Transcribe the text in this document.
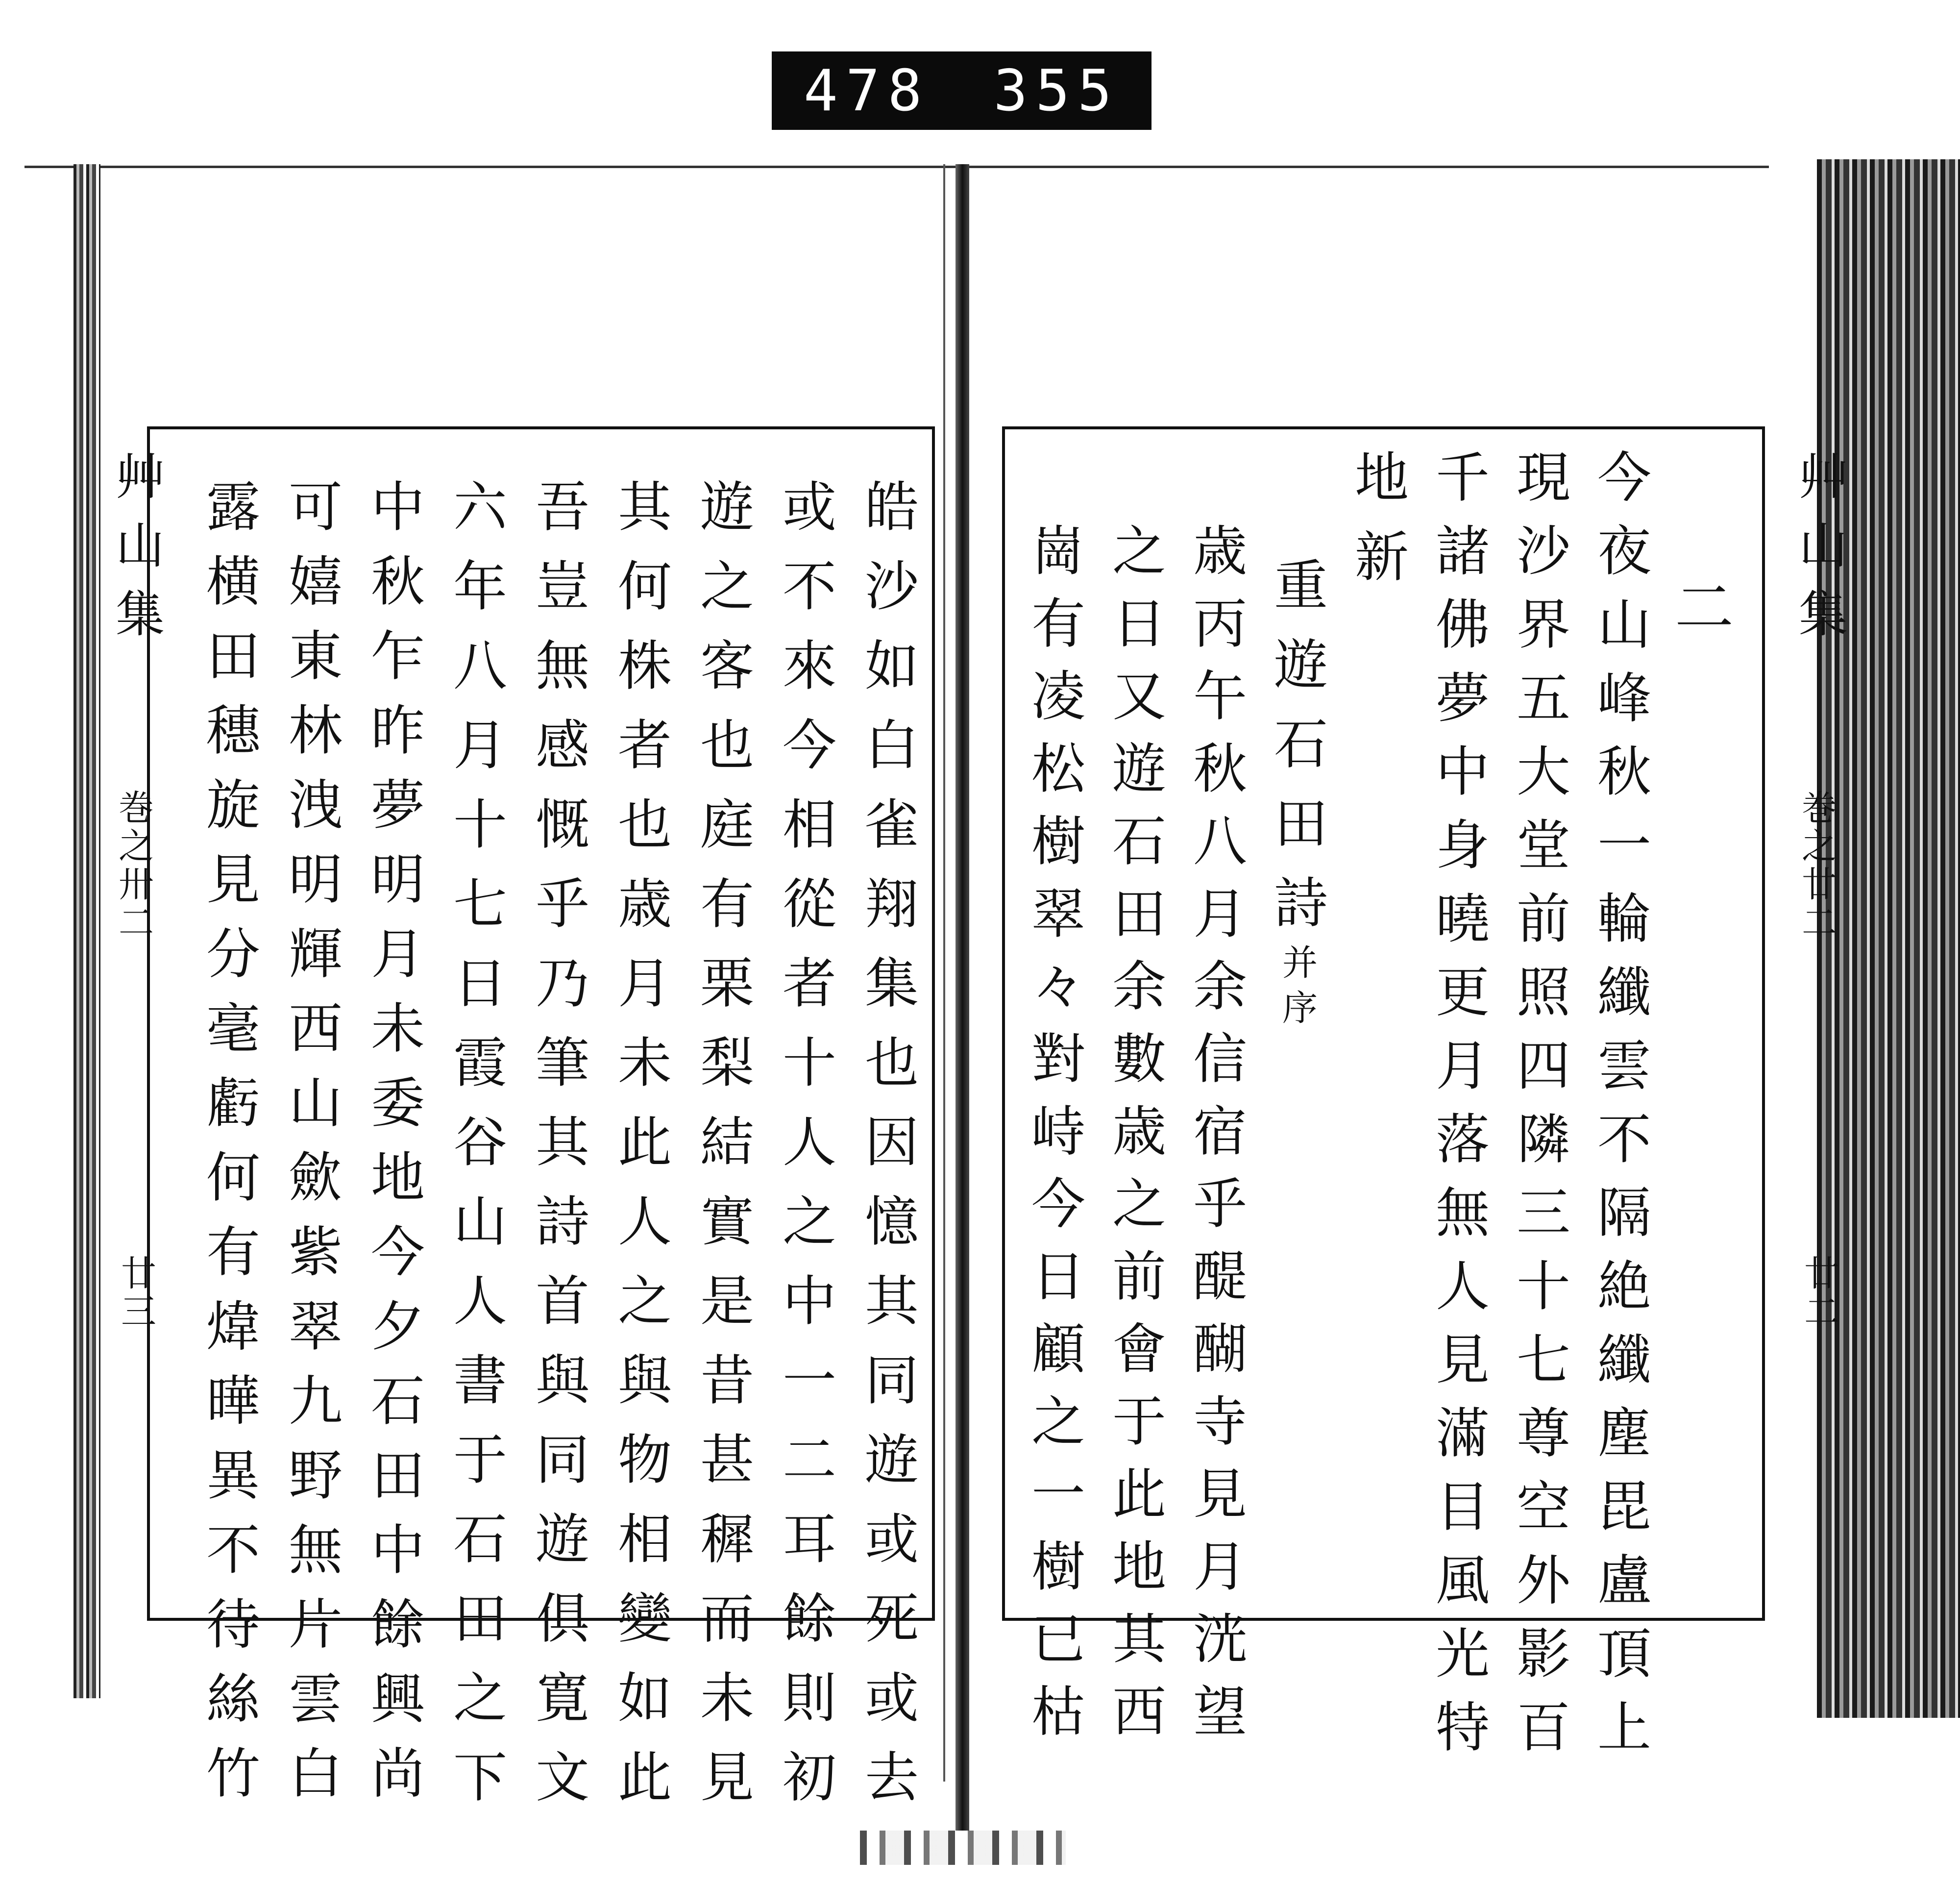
478 355
艸山集
巻之卅二
廿三
艸山集
巻之廿二
廿二
皓沙如白雀翔集也因憶其同遊或死或去
或不來今相從者十人之中一二耳餘則初
遊之客也庭有栗梨結實是昔甚穉而未見
其何株者也歳月未此人之與物相變如此
吾豈無感慨乎乃筆其詩首與同遊俱寛文
六年八月十七日霞谷山人書于石田之下
中秋乍昨夢明月未委地今夕石田中餘興尚
可嬉東林洩明輝西山歛紫翠九野無片雲白
露横田穗旋見分毫虧何有煒曄異不待絲竹	二
今夜山峰秋一輪纖雲不隔絶纖塵毘盧頂上
現沙界五大堂前照四隣三十七尊空外影百
千諸佛夢中身曉更月落無人見滿目風光特
地新
重遊石田詩
并序
歳丙午秋八月余信宿乎醍醐寺見月洸望
之日又遊石田余數歳之前會于此地其西
崗有凌松樹翠々對峙今日顧之一樹已枯
